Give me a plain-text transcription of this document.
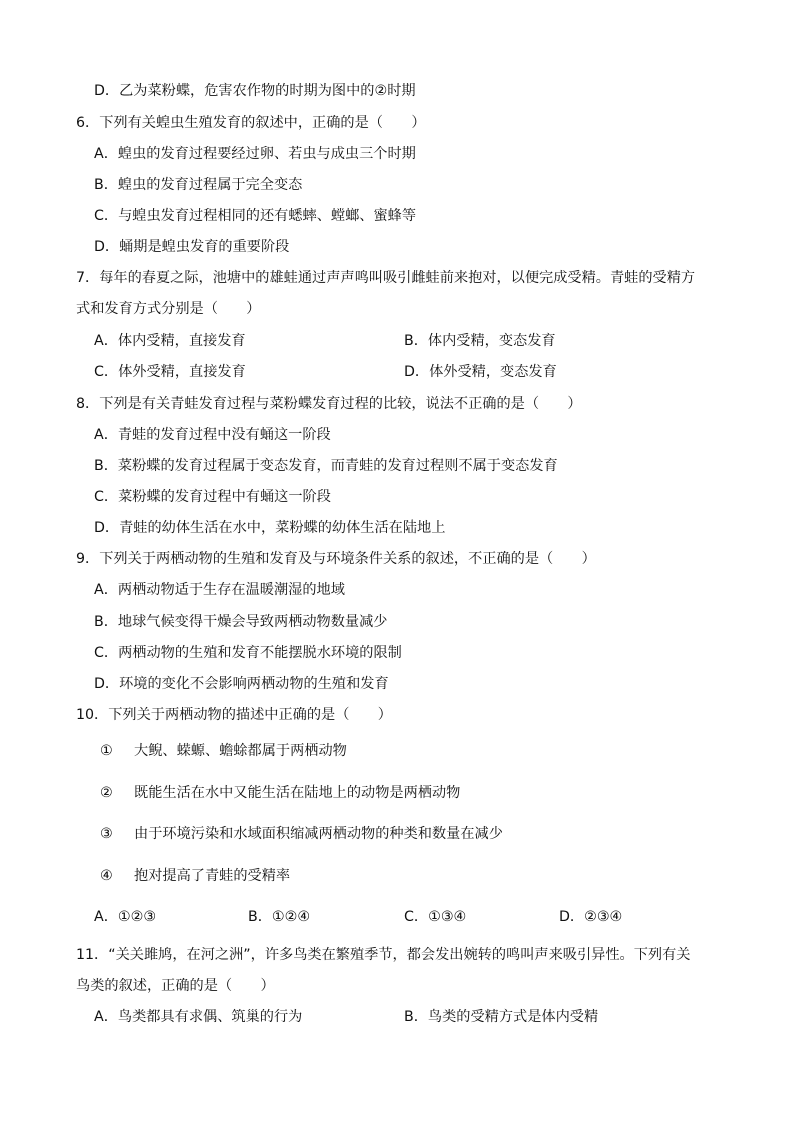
D．乙为菜粉蝶，危害农作物的时期为图中的②时期
6．下列有关蝗虫生殖发育的叙述中，正确的是（　　）
A．蝗虫的发育过程要经过卵、若虫与成虫三个时期
B．蝗虫的发育过程属于完全变态
C．与蝗虫发育过程相同的还有蟋蟀、螳螂、蜜蜂等
D．蛹期是蝗虫发育的重要阶段
7．每年的春夏之际，池塘中的雄蛙通过声声鸣叫吸引雌蛙前来抱对，以便完成受精。青蛙的受精方
式和发育方式分别是（　　）
A．体内受精，直接发育	B．体内受精，变态发育
C．体外受精，直接发育	D．体外受精，变态发育
8．下列是有关青蛙发育过程与菜粉蝶发育过程的比较，说法不正确的是（　　）
A．青蛙的发育过程中没有蛹这一阶段
B．菜粉蝶的发育过程属于变态发育，而青蛙的发育过程则不属于变态发育
C．菜粉蝶的发育过程中有蛹这一阶段
D．青蛙的幼体生活在水中，菜粉蝶的幼体生活在陆地上
9．下列关于两栖动物的生殖和发育及与环境条件关系的叙述，不正确的是（　　）
A．两栖动物适于生存在温暖潮湿的地域
B．地球气候变得干燥会导致两栖动物数量减少
C．两栖动物的生殖和发育不能摆脱水环境的限制
D．环境的变化不会影响两栖动物的生殖和发育
10．下列关于两栖动物的描述中正确的是（　　）
① 大鲵、蝾螈、蟾蜍都属于两栖动物
② 既能生活在水中又能生活在陆地上的动物是两栖动物
③ 由于环境污染和水域面积缩减两栖动物的种类和数量在减少
④ 抱对提高了青蛙的受精率
A．①②③	B．①②④	C．①③④	D．②③④
11．“关关雎鸠，在河之洲”，许多鸟类在繁殖季节，都会发出婉转的鸣叫声来吸引异性。下列有关
鸟类的叙述，正确的是（　　）
A．鸟类都具有求偶、筑巢的行为	B．鸟类的受精方式是体内受精
